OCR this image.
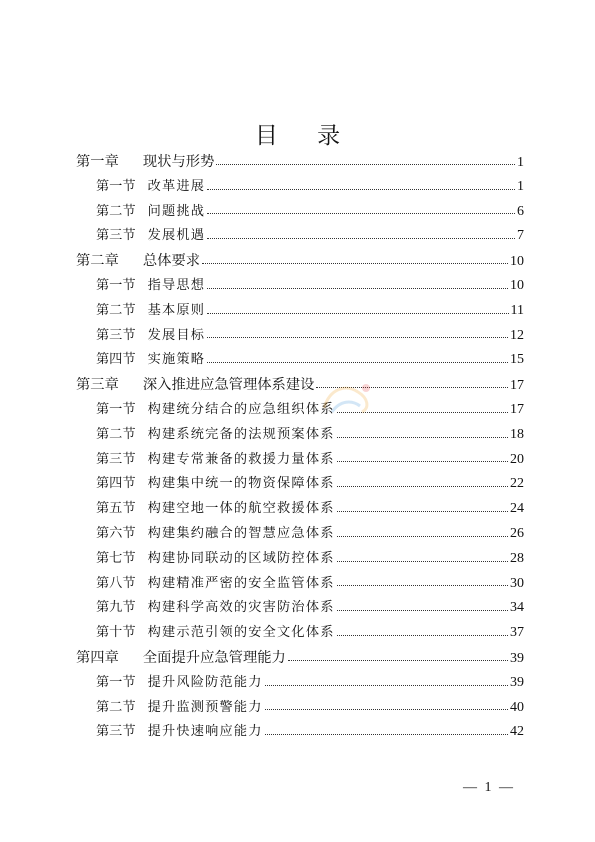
目 录
第一章 现状与形势	1
第一节 改革进展	1
第二节 问题挑战	6
第三节 发展机遇	7
第二章 总体要求	10
第一节 指导思想	10
第二节 基本原则	11
第三节 发展目标	12
第四节 实施策略	15
第三章 深入推进应急管理体系建设	17
第一节 构建统分结合的应急组织体系	17
第二节 构建系统完备的法规预案体系	18
第三节 构建专常兼备的救援力量体系	20
第四节 构建集中统一的物资保障体系	22
第五节 构建空地一体的航空救援体系	24
第六节 构建集约融合的智慧应急体系	26
第七节 构建协同联动的区域防控体系	28
第八节 构建精准严密的安全监管体系	30
第九节 构建科学高效的灾害防治体系	34
第十节 构建示范引领的安全文化体系	37
第四章 全面提升应急管理能力	39
第一节 提升风险防范能力	39
第二节 提升监测预警能力	40
第三节 提升快速响应能力	42
— 1 —
